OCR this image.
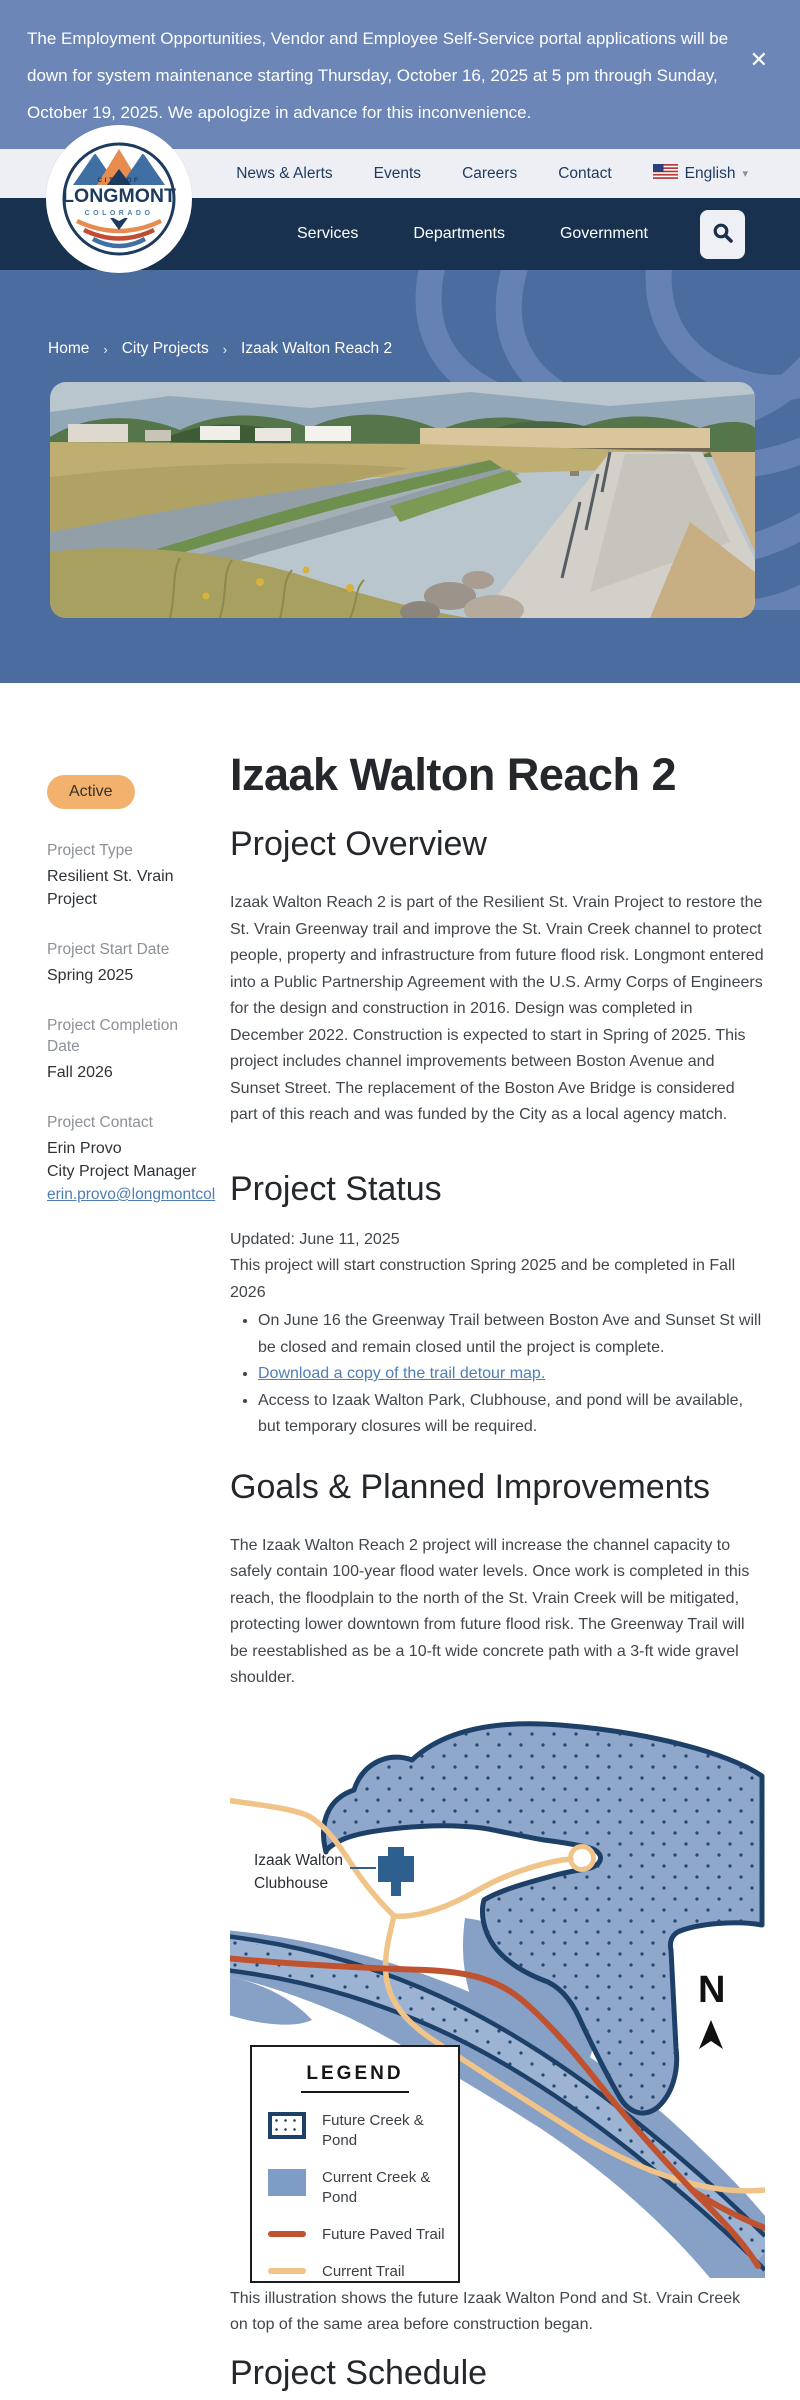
The Employment Opportunities, Vendor and Employee Self-Service portal applications will be down for system maintenance starting Thursday, October 16, 2025 at 5 pm through Sunday, October 19, 2025. We apologize in advance for this inconvenience.
✕
News & Alerts	Events	Careers	Contact	English ▾
Services	Departments	Government
CITY OF
LONGMONT
COLORADO
Home › City Projects › Izaak Walton Reach 2
Active
Project Type
Resilient St. Vrain Project
Project Start Date
Spring 2025
Project Completion Date
Fall 2026
Project Contact
Erin Provo
City Project Manager
erin.provo@longmontcol
Izaak Walton Reach 2
Project Overview

Izaak Walton Reach 2 is part of the Resilient St. Vrain Project to restore the St. Vrain Greenway trail and improve the St. Vrain Creek channel to protect people, property and infrastructure from future flood risk. Longmont entered into a Public Partnership Agreement with the U.S. Army Corps of Engineers for the design and construction in 2016. Design was completed in December 2022. Construction is expected to start in Spring of 2025. This project includes channel improvements between Boston Avenue and Sunset Street. The replacement of the Boston Ave Bridge is considered part of this reach and was funded by the City as a local agency match.

Project Status

Updated: June 11, 2025

This project will start construction Spring 2025 and be completed in Fall 2026

• On June 16 the Greenway Trail between Boston Ave and Sunset St will be closed and remain closed until the project is complete.
• Download a copy of the trail detour map.
• Access to Izaak Walton Park, Clubhouse, and pond will be available, but temporary closures will be required.
Goals & Planned Improvements

The Izaak Walton Reach 2 project will increase the channel capacity to safely contain 100-year flood water levels. Once work is completed in this reach, the floodplain to the north of the St. Vrain Creek will be mitigated, protecting lower downtown from future flood risk. The Greenway Trail will be reestablished as be a 10-ft wide concrete path with a 3-ft wide gravel shoulder.

Izaak Walton
Clubhouse
N
LEGEND
Future Creek & Pond
Current Creek & Pond
Future Paved Trail
Current Trail

This illustration shows the future Izaak Walton Pond and St. Vrain Creek
on top of the same area before construction began.

Project Schedule
